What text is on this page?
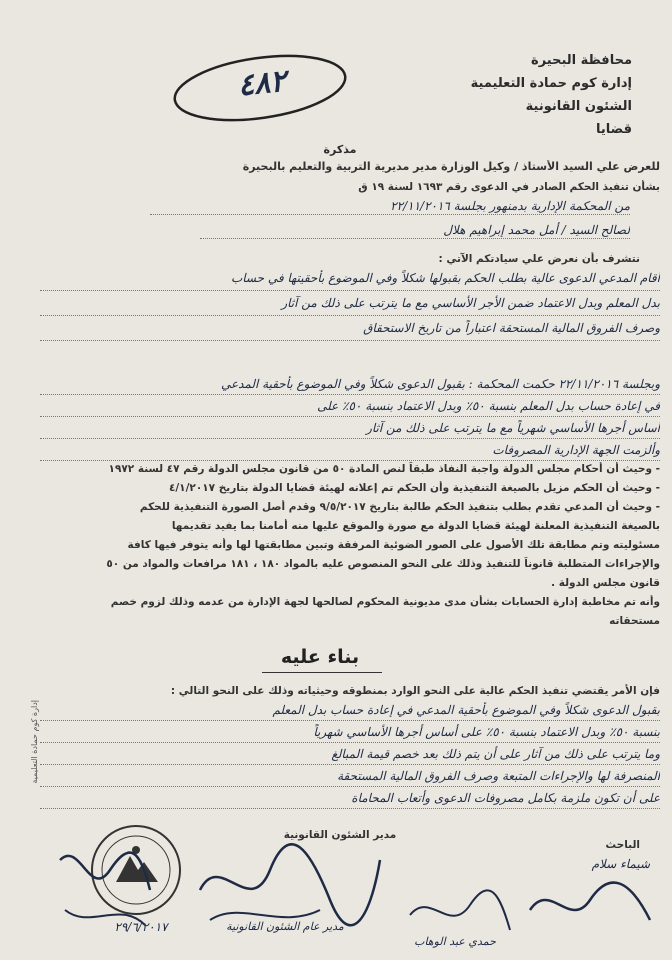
محافظة البحيرة
إدارة كوم حمادة التعليمية
الشئون القانونية
قضايا
٤٨٢
مذكرة
للعرض علي السيد الأستاذ / وكيل الوزارة مدير مديرية التربية والتعليم بالبحيرة
بشأن تنفيذ الحكم الصادر في الدعوى رقم ١٦٩٣ لسنة ١٩ ق
من المحكمة الإدارية بدمنهور بجلسة ٢٢/١١/٢٠١٦
لصالح السيد / أمل محمد إبراهيم هلال
نتشرف بأن نعرض علي سيادتكم الآتي :
أقام المدعي الدعوى عالية بطلب الحكم بقبولها شكلاً وفي الموضوع بأحقيتها في حساب
بدل المعلم وبدل الاعتماد ضمن الأجر الأساسي مع ما يترتب على ذلك من آثار
وصرف الفروق المالية المستحقة اعتباراً من تاريخ الاستحقاق
وبجلسة ٢٢/١١/٢٠١٦ حكمت المحكمة : بقبول الدعوى شكلاً وفي الموضوع بأحقية المدعي
في إعادة حساب بدل المعلم بنسبة ٥٠٪ وبدل الاعتماد بنسبة ٥٠٪ على
أساس أجرها الأساسي شهرياً مع ما يترتب على ذلك من آثار
وألزمت الجهة الإدارية المصروفات
- وحيث أن أحكام مجلس الدولة واجبة النفاذ طبقاً لنص المادة ٥٠ من قانون مجلس الدولة رقم ٤٧ لسنة ١٩٧٢
- وحيث أن الحكم مزيل بالصيغة التنفيذية وأن الحكم تم إعلانه لهيئة قضايا الدولة بتاريخ ٤/١/٢٠١٧
- وحيث أن المدعي تقدم بطلب بتنفيذ الحكم طالبة بتاريخ ٩/٥/٢٠١٧ وقدم أصل الصورة التنفيذية للحكم
بالصيغة التنفيذية المعلنة لهيئة قضايا الدولة مع صورة والموقع عليها منه أمامنا بما يفيد تقديمها
مسئوليته وتم مطابقة تلك الأصول على الصور الضوئية المرفقة وتبين مطابقتها لها وأنه يتوفر فيها كافة
والإجراءات المتطلبة قانوناً للتنفيذ وذلك على النحو المنصوص عليه بالمواد ١٨٠ ، ١٨١ مرافعات والمواد من ٥٠
قانون مجلس الدولة .
وأنه تم مخاطبة إدارة الحسابات بشأن مدى مديونية المحكوم لصالحها لجهة الإدارة من عدمه وذلك لزوم خصم
مستحقاته
بناء عليه
فإن الأمر يقتضي تنفيذ الحكم عالية على النحو الوارد بمنطوقه وحيثياته وذلك على النحو التالي :
بقبول الدعوى شكلاً وفي الموضوع بأحقية المدعي في إعادة حساب بدل المعلم
بنسبة ٥٠٪ وبدل الاعتماد بنسبة ٥٠٪ على أساس أجرها الأساسي شهرياً
وما يترتب على ذلك من آثار على أن يتم ذلك بعد خصم قيمة المبالغ
المنصرفة لها والإجراءات المتبعة وصرف الفروق المالية المستحقة
على أن تكون ملزمة بكامل مصروفات الدعوى وأتعاب المحاماة
مدير الشئون القانونية
الباحث
شيماء سلام
مدير عام الشئون القانونية
٢٩/٦/٢٠١٧
حمدي عبد الوهاب
إدارة كوم حمادة التعليمية
